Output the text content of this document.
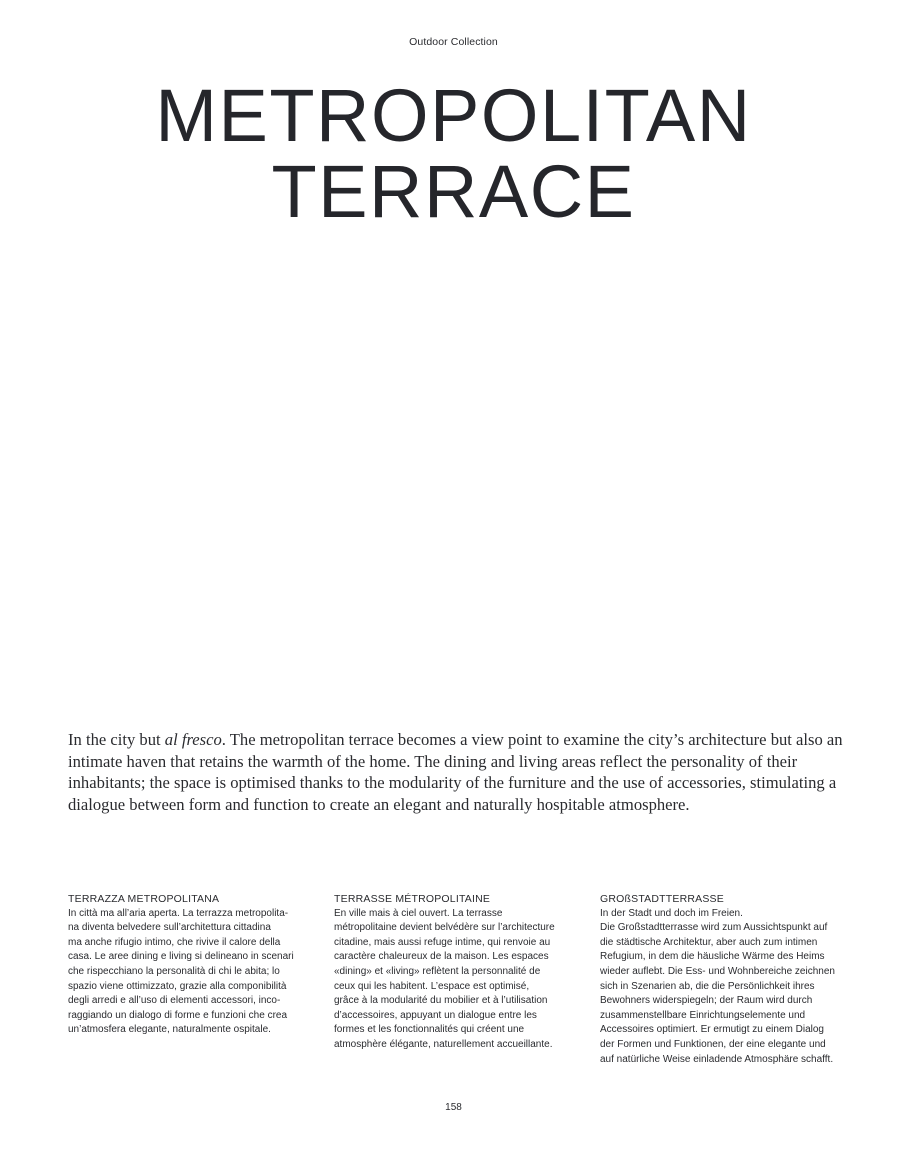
Outdoor Collection
METROPOLITAN
TERRACE

In the city but al fresco. The metropolitan terrace becomes a view point to examine the city’s architecture but also an intimate haven that retains the warmth of the home. The dining and living areas reflect the personality of their inhabitants; the space is optimised thanks to the modularity of the furniture and the use of accessories, stimulating a dialogue between form and function to create an elegant and naturally hospitable atmosphere.

TERRAZZA METROPOLITANA
In città ma all’aria aperta. La terrazza metropolita-
na diventa belvedere sull’architettura cittadina
ma anche rifugio intimo, che rivive il calore della
casa. Le aree dining e living si delineano in scenari
che rispecchiano la personalità di chi le abita; lo
spazio viene ottimizzato, grazie alla componibilità
degli arredi e all’uso di elementi accessori, inco-
raggiando un dialogo di forme e funzioni che crea
un’atmosfera elegante, naturalmente ospitale.
TERRASSE MÉTROPOLITAINE
En ville mais à ciel ouvert. La terrasse
métropolitaine devient belvédère sur l’architecture
citadine, mais aussi refuge intime, qui renvoie au
caractère chaleureux de la maison. Les espaces
«dining» et «living» reflètent la personnalité de
ceux qui les habitent. L’espace est optimisé,
grâce à la modularité du mobilier et à l’utilisation
d’accessoires, appuyant un dialogue entre les
formes et les fonctionnalités qui créent une
atmosphère élégante, naturellement accueillante.
GROßSTADTTERRASSE
In der Stadt und doch im Freien.
Die Großstadtterrasse wird zum Aussichtspunkt auf
die städtische Architektur, aber auch zum intimen
Refugium, in dem die häusliche Wärme des Heims
wieder auflebt. Die Ess- und Wohnbereiche zeichnen
sich in Szenarien ab, die die Persönlichkeit ihres
Bewohners widerspiegeln; der Raum wird durch
zusammenstellbare Einrichtungselemente und
Accessoires optimiert. Er ermutigt zu einem Dialog
der Formen und Funktionen, der eine elegante und
auf natürliche Weise einladende Atmosphäre schafft.
158
